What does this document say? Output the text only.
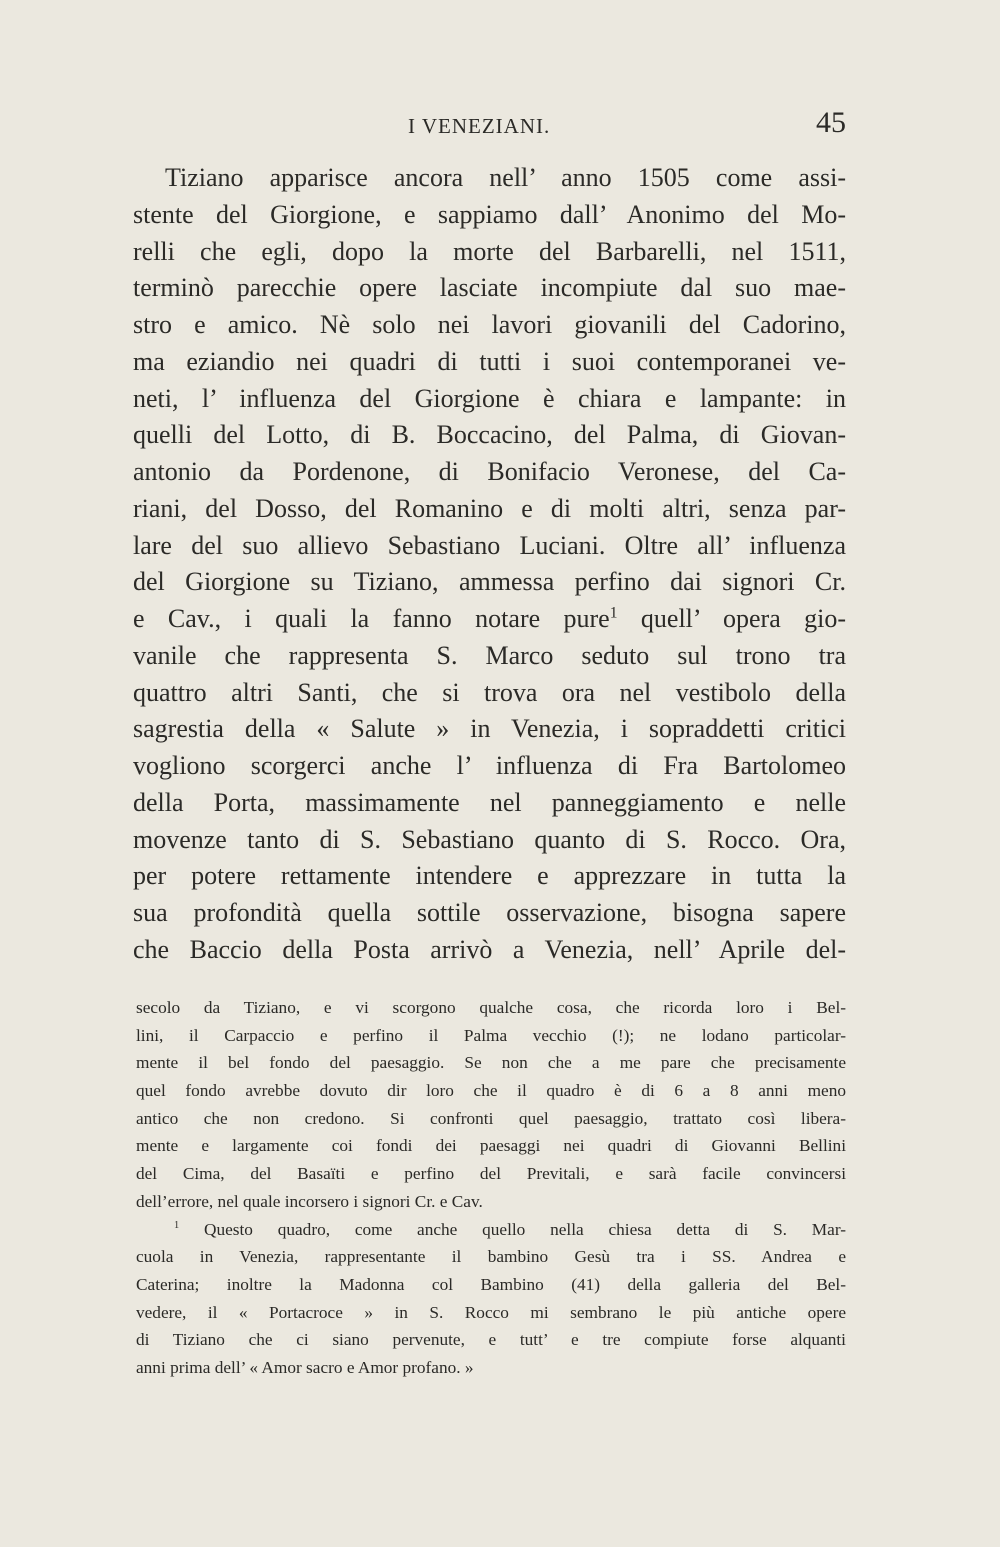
I VENEZIANI.	45
Tiziano apparisce ancora nell’ anno 1505 come assi-
stente del Giorgione, e sappiamo dall’ Anonimo del Mo-
relli che egli, dopo la morte del Barbarelli, nel 1511,
terminò parecchie opere lasciate incompiute dal suo mae-
stro e amico. Nè solo nei lavori giovanili del Cadorino,
ma eziandio nei quadri di tutti i suoi contemporanei ve-
neti, l’ influenza del Giorgione è chiara e lampante: in
quelli del Lotto, di B. Boccacino, del Palma, di Giovan-
antonio da Pordenone, di Bonifacio Veronese, del Ca-
riani, del Dosso, del Romanino e di molti altri, senza par-
lare del suo allievo Sebastiano Luciani. Oltre all’ influenza
del Giorgione su Tiziano, ammessa perfino dai signori Cr.
e Cav., i quali la fanno notare pure$^1$ quell’ opera gio-
vanile che rappresenta S. Marco seduto sul trono tra
quattro altri Santi, che si trova ora nel vestibolo della
sagrestia della « Salute » in Venezia, i sopraddetti critici
vogliono scorgerci anche l’ influenza di Fra Bartolomeo
della Porta, massimamente nel panneggiamento e nelle
movenze tanto di S. Sebastiano quanto di S. Rocco. Ora,
per potere rettamente intendere e apprezzare in tutta la
sua profondità quella sottile osservazione, bisogna sapere
che Baccio della Posta arrivò a Venezia, nell’ Aprile del-
secolo da Tiziano, e vi scorgono qualche cosa, che ricorda loro i Bel-
lini, il Carpaccio e perfino il Palma vecchio (!); ne lodano particolar-
mente il bel fondo del paesaggio. Se non che a me pare che precisamente
quel fondo avrebbe dovuto dir loro che il quadro è di 6 a 8 anni meno
antico che non credono. Si confronti quel paesaggio, trattato così libera-
mente e largamente coi fondi dei paesaggi nei quadri di Giovanni Bellini
del Cima, del Basaïti e perfino del Previtali, e sarà facile convincersi
dell’errore, nel quale incorsero i signori Cr. e Cav.
$^1$ Questo quadro, come anche quello nella chiesa detta di S. Mar-
cuola in Venezia, rappresentante il bambino Gesù tra i SS. Andrea e
Caterina; inoltre la Madonna col Bambino (41) della galleria del Bel-
vedere, il « Portacroce » in S. Rocco mi sembrano le più antiche opere
di Tiziano che ci siano pervenute, e tutt’ e tre compiute forse alquanti
anni prima dell’ « Amor sacro e Amor profano. »
